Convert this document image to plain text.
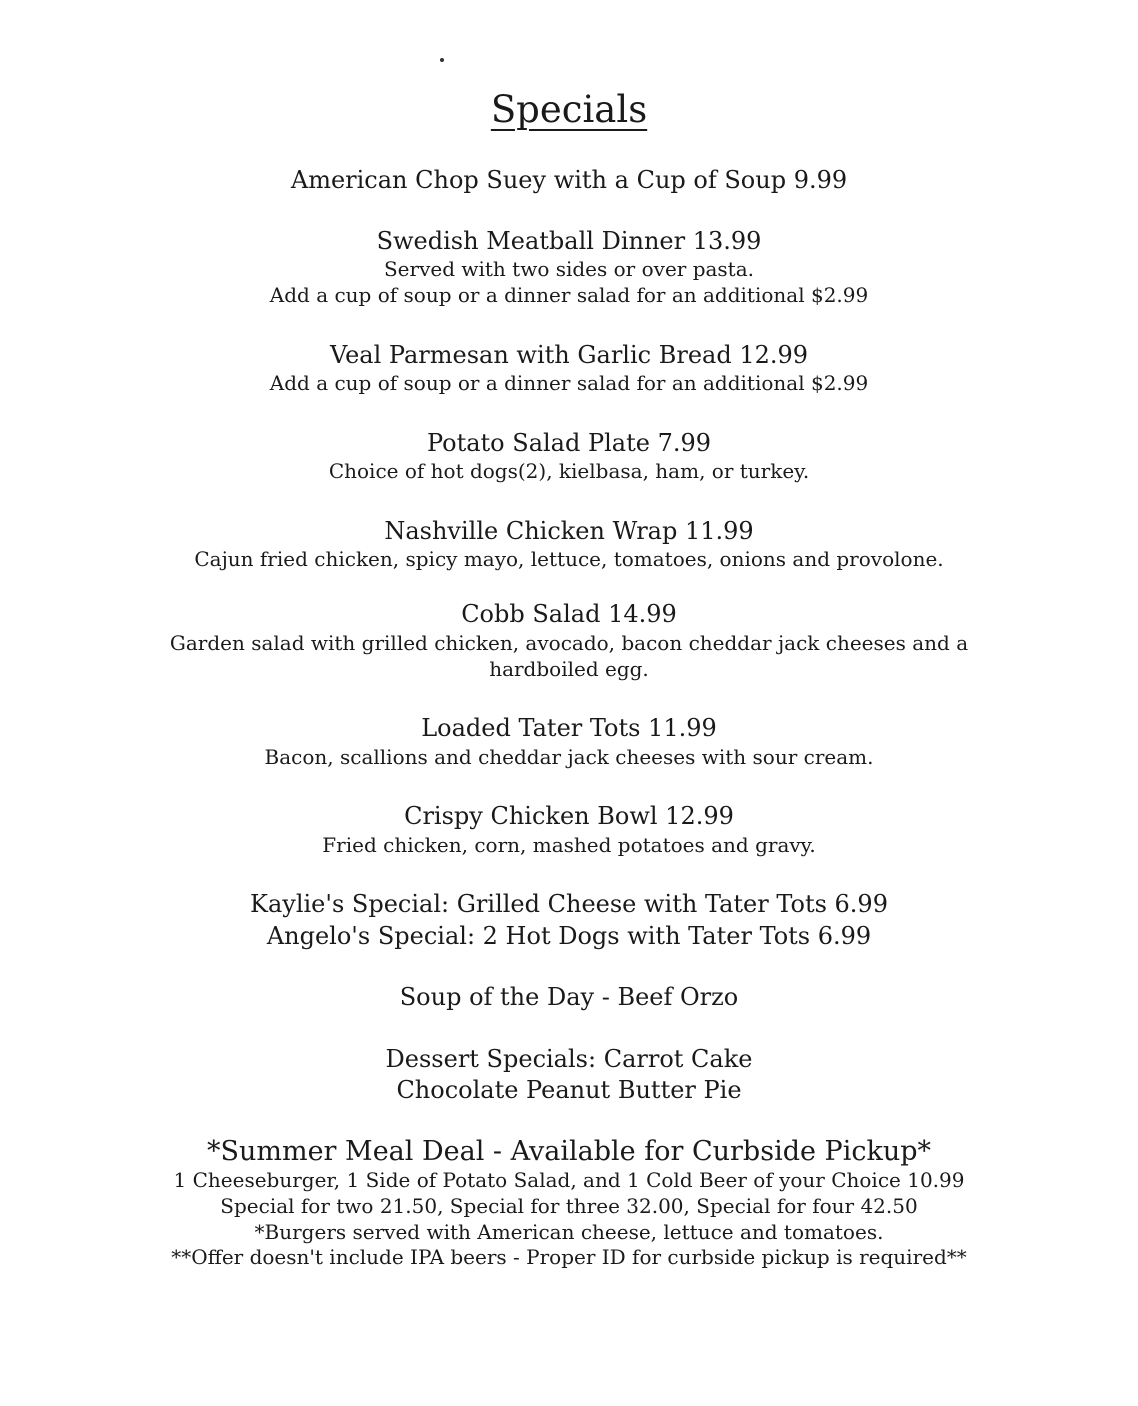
Specials

American Chop Suey with a Cup of Soup 9.99

Swedish Meatball Dinner 13.99

Served with two sides or over pasta.

Add a cup of soup or a dinner salad for an additional $2.99

Veal Parmesan with Garlic Bread 12.99

Add a cup of soup or a dinner salad for an additional $2.99

Potato Salad Plate 7.99

Choice of hot dogs(2), kielbasa, ham, or turkey.

Nashville Chicken Wrap 11.99

Cajun fried chicken, spicy mayo, lettuce, tomatoes, onions and provolone.

Cobb Salad 14.99

Garden salad with grilled chicken, avocado, bacon cheddar jack cheeses and a

hardboiled egg.

Loaded Tater Tots 11.99

Bacon, scallions and cheddar jack cheeses with sour cream.

Crispy Chicken Bowl 12.99

Fried chicken, corn, mashed potatoes and gravy.

Kaylie's Special: Grilled Cheese with Tater Tots 6.99

Angelo's Special: 2 Hot Dogs with Tater Tots 6.99

Soup of the Day - Beef Orzo

Dessert Specials: Carrot Cake

Chocolate Peanut Butter Pie

*Summer Meal Deal - Available for Curbside Pickup*

1 Cheeseburger, 1 Side of Potato Salad, and 1 Cold Beer of your Choice 10.99

Special for two 21.50, Special for three 32.00, Special for four 42.50

*Burgers served with American cheese, lettuce and tomatoes.

**Offer doesn't include IPA beers - Proper ID for curbside pickup is required**
